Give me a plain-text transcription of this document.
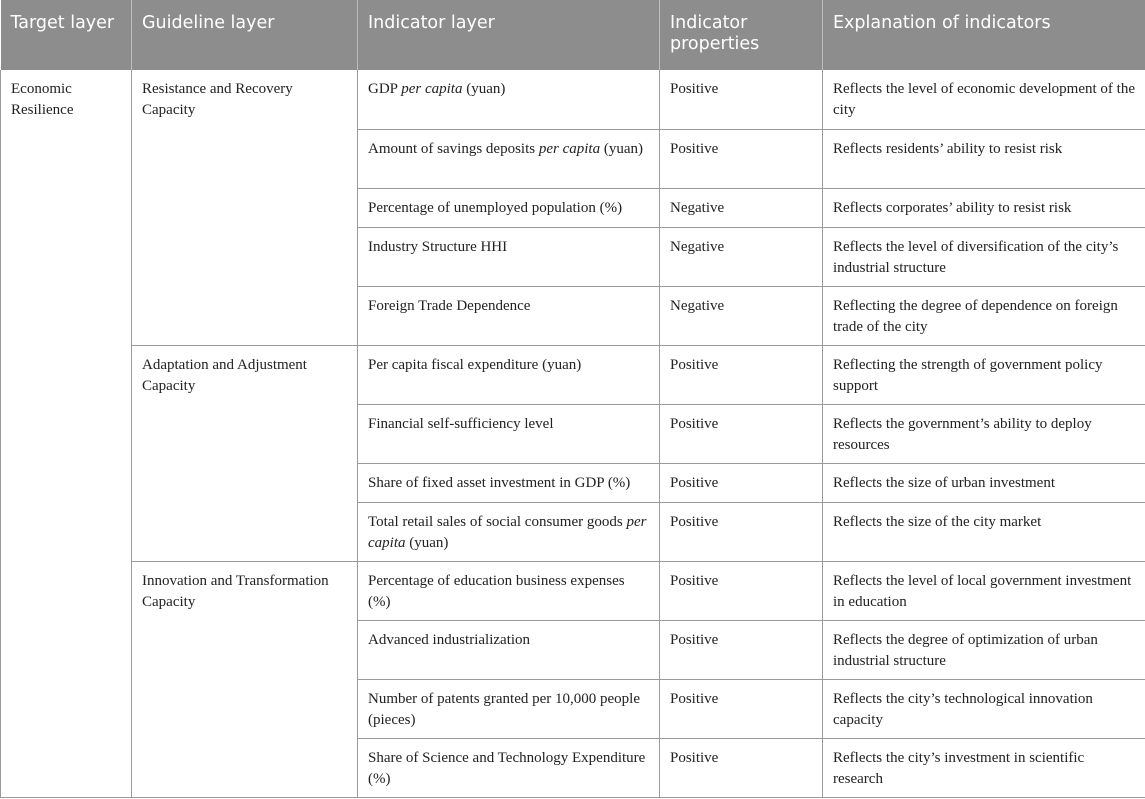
Target layer	Guideline layer	Indicator layer	Indicator properties	Explanation of indicators
Economic Resilience	Resistance and Recovery Capacity	GDP per capita (yuan)	Positive	Reflects the level of economic development of the city
		Amount of savings deposits per capita (yuan)	Positive	Reflects residents’ ability to resist risk
		Percentage of unemployed population (%)	Negative	Reflects corporates’ ability to resist risk
		Industry Structure HHI	Negative	Reflects the level of diversification of the city’s industrial structure
		Foreign Trade Dependence	Negative	Reflecting the degree of dependence on foreign trade of the city
	Adaptation and Adjustment Capacity	Per capita fiscal expenditure (yuan)	Positive	Reflecting the strength of government policy support
		Financial self-sufficiency level	Positive	Reflects the government’s ability to deploy resources
		Share of fixed asset investment in GDP (%)	Positive	Reflects the size of urban investment
		Total retail sales of social consumer goods per capita (yuan)	Positive	Reflects the size of the city market
	Innovation and Transformation Capacity	Percentage of education business expenses (%)	Positive	Reflects the level of local government investment in education
		Advanced industrialization	Positive	Reflects the degree of optimization of urban industrial structure
		Number of patents granted per 10,000 people (pieces)	Positive	Reflects the city’s technological innovation capacity
		Share of Science and Technology Expenditure (%)	Positive	Reflects the city’s investment in scientific research
